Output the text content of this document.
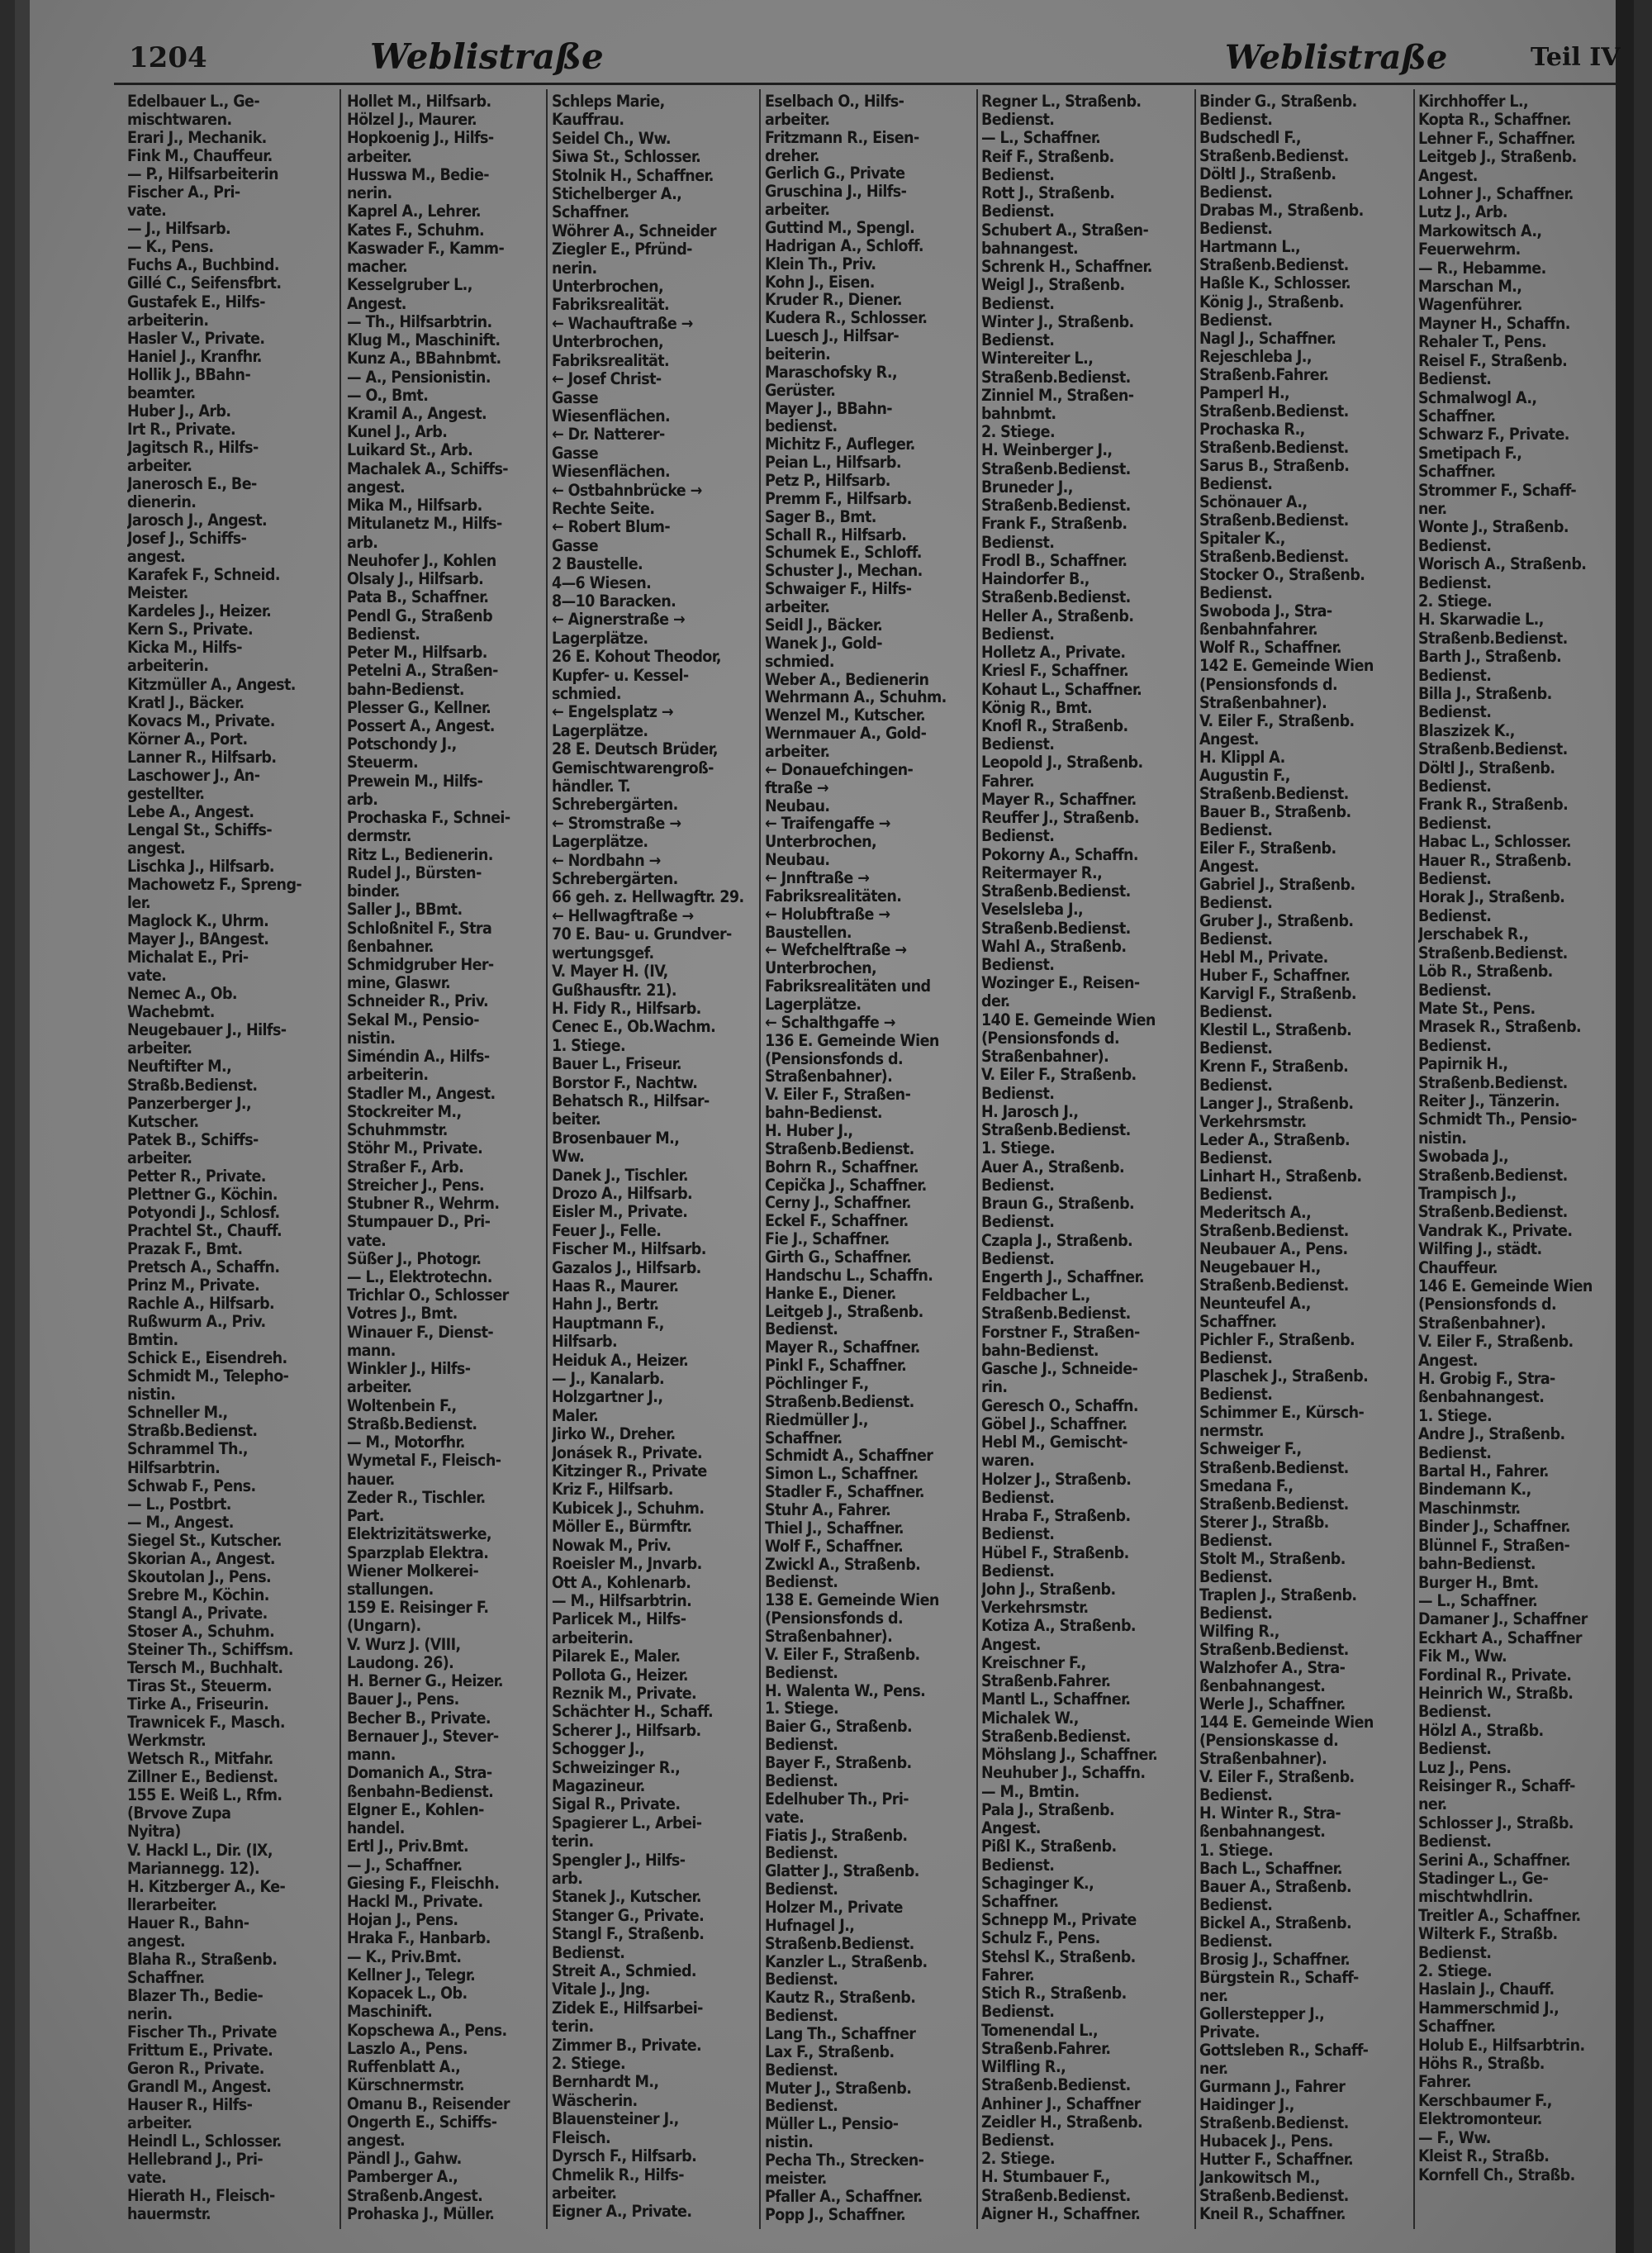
1204	Weblistraße	Weblistraße	Teil IV
Edelbauer L., Ge-
mischtwaren.
Erari J., Mechanik.
Fink M., Chauffeur.
— P., Hilfsarbeiterin
Fischer A., Pri-
vate.
— J., Hilfsarb.
— K., Pens.
Fuchs A., Buchbind.
Gillé C., Seifensfbrt.
Gustafek E., Hilfs-
arbeiterin.
Hasler V., Private.
Haniel J., Kranfhr.
Hollik J., BBahn-
beamter.
Huber J., Arb.
Irt R., Private.
Jagitsch R., Hilfs-
arbeiter.
Janerosch E., Be-
dienerin.
Jarosch J., Angest.
Josef J., Schiffs-
angest.
Karafek F., Schneid.
Meister.
Kardeles J., Heizer.
Kern S., Private.
Kicka M., Hilfs-
arbeiterin.
Kitzmüller A., Angest.
Kratl J., Bäcker.
Kovacs M., Private.
Körner A., Port.
Lanner R., Hilfsarb.
Laschower J., An-
gestellter.
Lebe A., Angest.
Lengal St., Schiffs-
angest.
Lischka J., Hilfsarb.
Machowetz F., Spreng-
ler.
Maglock K., Uhrm.
Mayer J., BAngest.
Michalat E., Pri-
vate.
Nemec A., Ob.
Wachebmt.
Neugebauer J., Hilfs-
arbeiter.
Neuftifter M.,
Straßb.Bedienst.
Panzerberger J.,
Kutscher.
Patek B., Schiffs-
arbeiter.
Petter R., Private.
Plettner G., Köchin.
Potyondi J., Schlosf.
Prachtel St., Chauff.
Prazak F., Bmt.
Pretsch A., Schaffn.
Prinz M., Private.
Rachle A., Hilfsarb.
Rußwurm A., Priv.
Bmtin.
Schick E., Eisendreh.
Schmidt M., Telepho-
nistin.
Schneller M.,
Straßb.Bedienst.
Schrammel Th.,
Hilfsarbtrin.
Schwab F., Pens.
— L., Postbrt.
— M., Angest.
Siegel St., Kutscher.
Skorian A., Angest.
Skoutolan J., Pens.
Srebre M., Köchin.
Stangl A., Private.
Stoser A., Schuhm.
Steiner Th., Schiffsm.
Tersch M., Buchhalt.
Tiras St., Steuerm.
Tirke A., Friseurin.
Trawnicek F., Masch.
Werkmstr.
Wetsch R., Mitfahr.
Zillner E., Bedienst.
155 E. Weiß L., Rfm.
(Brvove Zupa
Nyitra)
V. Hackl L., Dir. (IX,
Mariannegg. 12).
H. Kitzberger A., Ke-
llerarbeiter.
Hauer R., Bahn-
angest.
Blaha R., Straßenb.
Schaffner.
Blazer Th., Bedie-
nerin.
Fischer Th., Private
Frittum E., Private.
Geron R., Private.
Grandl M., Angest.
Hauser R., Hilfs-
arbeiter.
Heindl L., Schlosser.
Hellebrand J., Pri-
vate.
Hierath H., Fleisch-
hauermstr.
Hollet M., Hilfsarb.
Hölzel J., Maurer.
Hopkoenig J., Hilfs-
arbeiter.
Husswa M., Bedie-
nerin.
Kaprel A., Lehrer.
Kates F., Schuhm.
Kaswader F., Kamm-
macher.
Kesselgruber L.,
Angest.
— Th., Hilfsarbtrin.
Klug M., Maschinift.
Kunz A., BBahnbmt.
— A., Pensionistin.
— O., Bmt.
Kramil A., Angest.
Kunel J., Arb.
Luikard St., Arb.
Machalek A., Schiffs-
angest.
Mika M., Hilfsarb.
Mitulanetz M., Hilfs-
arb.
Neuhofer J., Kohlen
Olsaly J., Hilfsarb.
Pata B., Schaffner.
Pendl G., Straßenb
Bedienst.
Peter M., Hilfsarb.
Petelni A., Straßen-
bahn-Bedienst.
Plesser G., Kellner.
Possert A., Angest.
Potschondy J.,
Steuerm.
Prewein M., Hilfs-
arb.
Prochaska F., Schnei-
dermstr.
Ritz L., Bedienerin.
Rudel J., Bürsten-
binder.
Saller J., BBmt.
Schloßnitel F., Stra
ßenbahner.
Schmidgruber Her-
mine, Glaswr.
Schneider R., Priv.
Sekal M., Pensio-
nistin.
Siméndin A., Hilfs-
arbeiterin.
Stadler M., Angest.
Stockreiter M.,
Schuhmmstr.
Stöhr M., Private.
Straßer F., Arb.
Streicher J., Pens.
Stubner R., Wehrm.
Stumpauer D., Pri-
vate.
Süßer J., Photogr.
— L., Elektrotechn.
Trichlar O., Schlosser
Votres J., Bmt.
Winauer F., Dienst-
mann.
Winkler J., Hilfs-
arbeiter.
Woltenbein F.,
Straßb.Bedienst.
— M., Motorfhr.
Wymetal F., Fleisch-
hauer.
Zeder R., Tischler.
Part.
Elektrizitätswerke,
Sparzplab Elektra.
Wiener Molkerei-
stallungen.
159 E. Reisinger F.
(Ungarn).
V. Wurz J. (VIII,
Laudong. 26).
H. Berner G., Heizer.
Bauer J., Pens.
Becher B., Private.
Bernauer J., Stever-
mann.
Domanich A., Stra-
ßenbahn-Bedienst.
Elgner E., Kohlen-
handel.
Ertl J., Priv.Bmt.
— J., Schaffner.
Giesing F., Fleischh.
Hackl M., Private.
Hojan J., Pens.
Hraka F., Hanbarb.
— K., Priv.Bmt.
Kellner J., Telegr.
Kopacek L., Ob.
Maschinift.
Kopschewa A., Pens.
Laszlo A., Pens.
Ruffenblatt A.,
Kürschnermstr.
Omanu B., Reisender
Ongerth E., Schiffs-
angest.
Pändl J., Gahw.
Pamberger A.,
Straßenb.Angest.
Prohaska J., Müller.
Schleps Marie,
Kauffrau.
Seidel Ch., Ww.
Siwa St., Schlosser.
Stolnik H., Schaffner.
Stichelberger A.,
Schaffner.
Wöhrer A., Schneider
Ziegler E., Pfründ-
nerin.
Unterbrochen,
Fabriksrealität.
← Wachauftraße →
Unterbrochen,
Fabriksrealität.
← Josef Christ-
Gasse
Wiesenflächen.
← Dr. Natterer-
Gasse
Wiesenflächen.
← Ostbahnbrücke →
Rechte Seite.
← Robert Blum-
Gasse
2 Baustelle.
4—6 Wiesen.
8—10 Baracken.
← Aignerstraße →
Lagerplätze.
26 E. Kohout Theodor,
Kupfer- u. Kessel-
schmied.
← Engelsplatz →
Lagerplätze.
28 E. Deutsch Brüder,
Gemischtwarengroß-
händler. T.
Schrebergärten.
← Stromstraße →
Lagerplätze.
← Nordbahn →
Schrebergärten.
66 geh. z. Hellwagftr. 29.
← Hellwagftraße →
70 E. Bau- u. Grundver-
wertungsgef.
V. Mayer H. (IV,
Gußhausftr. 21).
H. Fidy R., Hilfsarb.
Cenec E., Ob.Wachm.
1. Stiege.
Bauer L., Friseur.
Borstor F., Nachtw.
Behatsch R., Hilfsar-
beiter.
Brosenbauer M.,
Ww.
Danek J., Tischler.
Drozo A., Hilfsarb.
Eisler M., Private.
Feuer J., Felle.
Fischer M., Hilfsarb.
Gazalos J., Hilfsarb.
Haas R., Maurer.
Hahn J., Bertr.
Hauptmann F.,
Hilfsarb.
Heiduk A., Heizer.
— J., Kanalarb.
Holzgartner J.,
Maler.
Jirko W., Dreher.
Jonásek R., Private.
Kitzinger R., Private
Kriz F., Hilfsarb.
Kubicek J., Schuhm.
Möller E., Bürmftr.
Nowak M., Priv.
Roeisler M., Jnvarb.
Ott A., Kohlenarb.
— M., Hilfsarbtrin.
Parlicek M., Hilfs-
arbeiterin.
Pilarek E., Maler.
Pollota G., Heizer.
Reznik M., Private.
Schächter H., Schaff.
Scherer J., Hilfsarb.
Schogger J.,
Schweizinger R.,
Magazineur.
Sigal R., Private.
Spagierer L., Arbei-
terin.
Spengler J., Hilfs-
arb.
Stanek J., Kutscher.
Stanger G., Private.
Stangl F., Straßenb.
Bedienst.
Streit A., Schmied.
Vitale J., Jng.
Zidek E., Hilfsarbei-
terin.
Zimmer B., Private.
2. Stiege.
Bernhardt M.,
Wäscherin.
Blauensteiner J.,
Fleisch.
Dyrsch F., Hilfsarb.
Chmelik R., Hilfs-
arbeiter.
Eigner A., Private.
Eselbach O., Hilfs-
arbeiter.
Fritzmann R., Eisen-
dreher.
Gerlich G., Private
Gruschina J., Hilfs-
arbeiter.
Guttind M., Spengl.
Hadrigan A., Schloff.
Klein Th., Priv.
Kohn J., Eisen.
Kruder R., Diener.
Kudera R., Schlosser.
Luesch J., Hilfsar-
beiterin.
Maraschofsky R.,
Gerüster.
Mayer J., BBahn-
bedienst.
Michitz F., Aufleger.
Peian L., Hilfsarb.
Petz P., Hilfsarb.
Premm F., Hilfsarb.
Sager B., Bmt.
Schall R., Hilfsarb.
Schumek E., Schloff.
Schuster J., Mechan.
Schwaiger F., Hilfs-
arbeiter.
Seidl J., Bäcker.
Wanek J., Gold-
schmied.
Weber A., Bedienerin
Wehrmann A., Schuhm.
Wenzel M., Kutscher.
Wernmauer A., Gold-
arbeiter.
← Donauefchingen-
ftraße →
Neubau.
← Traifengaffe →
Unterbrochen,
Neubau.
← Jnnftraße →
Fabriksrealitäten.
← Holubftraße →
Baustellen.
← Wefchelftraße →
Unterbrochen,
Fabriksrealitäten und
Lagerplätze.
← Schalthgaffe →
136 E. Gemeinde Wien
(Pensionsfonds d.
Straßenbahner).
V. Eiler F., Straßen-
bahn-Bedienst.
H. Huber J.,
Straßenb.Bedienst.
Bohrn R., Schaffner.
Cepička J., Schaffner.
Cerny J., Schaffner.
Eckel F., Schaffner.
Fie J., Schaffner.
Girth G., Schaffner.
Handschu L., Schaffn.
Hanke E., Diener.
Leitgeb J., Straßenb.
Bedienst.
Mayer R., Schaffner.
Pinkl F., Schaffner.
Pöchlinger F.,
Straßenb.Bedienst.
Riedmüller J.,
Schaffner.
Schmidt A., Schaffner
Simon L., Schaffner.
Stadler F., Schaffner.
Stuhr A., Fahrer.
Thiel J., Schaffner.
Wolf F., Schaffner.
Zwickl A., Straßenb.
Bedienst.
138 E. Gemeinde Wien
(Pensionsfonds d.
Straßenbahner).
V. Eiler F., Straßenb.
Bedienst.
H. Walenta W., Pens.
1. Stiege.
Baier G., Straßenb.
Bedienst.
Bayer F., Straßenb.
Bedienst.
Edelhuber Th., Pri-
vate.
Fiatis J., Straßenb.
Bedienst.
Glatter J., Straßenb.
Bedienst.
Holzer M., Private
Hufnagel J.,
Straßenb.Bedienst.
Kanzler L., Straßenb.
Bedienst.
Kautz R., Straßenb.
Bedienst.
Lang Th., Schaffner
Lax F., Straßenb.
Bedienst.
Muter J., Straßenb.
Bedienst.
Müller L., Pensio-
nistin.
Pecha Th., Strecken-
meister.
Pfaller A., Schaffner.
Popp J., Schaffner.
Regner L., Straßenb.
Bedienst.
— L., Schaffner.
Reif F., Straßenb.
Bedienst.
Rott J., Straßenb.
Bedienst.
Schubert A., Straßen-
bahnangest.
Schrenk H., Schaffner.
Weigl J., Straßenb.
Bedienst.
Winter J., Straßenb.
Bedienst.
Wintereiter L.,
Straßenb.Bedienst.
Zinniel M., Straßen-
bahnbmt.
2. Stiege.
H. Weinberger J.,
Straßenb.Bedienst.
Bruneder J.,
Straßenb.Bedienst.
Frank F., Straßenb.
Bedienst.
Frodl B., Schaffner.
Haindorfer B.,
Straßenb.Bedienst.
Heller A., Straßenb.
Bedienst.
Holletz A., Private.
Kriesl F., Schaffner.
Kohaut L., Schaffner.
König R., Bmt.
Knofl R., Straßenb.
Bedienst.
Leopold J., Straßenb.
Fahrer.
Mayer R., Schaffner.
Reuffer J., Straßenb.
Bedienst.
Pokorny A., Schaffn.
Reitermayer R.,
Straßenb.Bedienst.
Veselsleba J.,
Straßenb.Bedienst.
Wahl A., Straßenb.
Bedienst.
Wozinger E., Reisen-
der.
140 E. Gemeinde Wien
(Pensionsfonds d.
Straßenbahner).
V. Eiler F., Straßenb.
Bedienst.
H. Jarosch J.,
Straßenb.Bedienst.
1. Stiege.
Auer A., Straßenb.
Bedienst.
Braun G., Straßenb.
Bedienst.
Czapla J., Straßenb.
Bedienst.
Engerth J., Schaffner.
Feldbacher L.,
Straßenb.Bedienst.
Forstner F., Straßen-
bahn-Bedienst.
Gasche J., Schneide-
rin.
Geresch O., Schaffn.
Göbel J., Schaffner.
Hebl M., Gemischt-
waren.
Holzer J., Straßenb.
Bedienst.
Hraba F., Straßenb.
Bedienst.
Hübel F., Straßenb.
Bedienst.
John J., Straßenb.
Verkehrsmstr.
Kotiza A., Straßenb.
Angest.
Kreischner F.,
Straßenb.Fahrer.
Mantl L., Schaffner.
Michalek W.,
Straßenb.Bedienst.
Möhslang J., Schaffner.
Neuhuber J., Schaffn.
— M., Bmtin.
Pala J., Straßenb.
Angest.
Pißl K., Straßenb.
Bedienst.
Schaginger K.,
Schaffner.
Schnepp M., Private
Schulz F., Pens.
Stehsl K., Straßenb.
Fahrer.
Stich R., Straßenb.
Bedienst.
Tomenendal L.,
Straßenb.Fahrer.
Wilfling R.,
Straßenb.Bedienst.
Anhiner J., Schaffner
Zeidler H., Straßenb.
Bedienst.
2. Stiege.
H. Stumbauer F.,
Straßenb.Bedienst.
Aigner H., Schaffner.
Binder G., Straßenb.
Bedienst.
Budschedl F.,
Straßenb.Bedienst.
Döltl J., Straßenb.
Bedienst.
Drabas M., Straßenb.
Bedienst.
Hartmann L.,
Straßenb.Bedienst.
Haßle K., Schlosser.
König J., Straßenb.
Bedienst.
Nagl J., Schaffner.
Rejeschleba J.,
Straßenb.Fahrer.
Pamperl H.,
Straßenb.Bedienst.
Prochaska R.,
Straßenb.Bedienst.
Sarus B., Straßenb.
Bedienst.
Schönauer A.,
Straßenb.Bedienst.
Spitaler K.,
Straßenb.Bedienst.
Stocker O., Straßenb.
Bedienst.
Swoboda J., Stra-
ßenbahnfahrer.
Wolf R., Schaffner.
142 E. Gemeinde Wien
(Pensionsfonds d.
Straßenbahner).
V. Eiler F., Straßenb.
Angest.
H. Klippl A.
Augustin F.,
Straßenb.Bedienst.
Bauer B., Straßenb.
Bedienst.
Eiler F., Straßenb.
Angest.
Gabriel J., Straßenb.
Bedienst.
Gruber J., Straßenb.
Bedienst.
Hebl M., Private.
Huber F., Schaffner.
Karvigl F., Straßenb.
Bedienst.
Klestil L., Straßenb.
Bedienst.
Krenn F., Straßenb.
Bedienst.
Langer J., Straßenb.
Verkehrsmstr.
Leder A., Straßenb.
Bedienst.
Linhart H., Straßenb.
Bedienst.
Mederitsch A.,
Straßenb.Bedienst.
Neubauer A., Pens.
Neugebauer H.,
Straßenb.Bedienst.
Neunteufel A.,
Schaffner.
Pichler F., Straßenb.
Bedienst.
Plaschek J., Straßenb.
Bedienst.
Schimmer E., Kürsch-
nermstr.
Schweiger F.,
Straßenb.Bedienst.
Smedana F.,
Straßenb.Bedienst.
Sterer J., Straßb.
Bedienst.
Stolt M., Straßenb.
Bedienst.
Traplen J., Straßenb.
Bedienst.
Wilfing R.,
Straßenb.Bedienst.
Walzhofer A., Stra-
ßenbahnangest.
Werle J., Schaffner.
144 E. Gemeinde Wien
(Pensionskasse d.
Straßenbahner).
V. Eiler F., Straßenb.
Bedienst.
H. Winter R., Stra-
ßenbahnangest.
1. Stiege.
Bach L., Schaffner.
Bauer A., Straßenb.
Bedienst.
Bickel A., Straßenb.
Bedienst.
Brosig J., Schaffner.
Bürgstein R., Schaff-
ner.
Gollerstepper J.,
Private.
Gottsleben R., Schaff-
ner.
Gurmann J., Fahrer
Haidinger J.,
Straßenb.Bedienst.
Hubacek J., Pens.
Hutter F., Schaffner.
Jankowitsch M.,
Straßenb.Bedienst.
Kneil R., Schaffner.
Kirchhoffer L.,
Kopta R., Schaffner.
Lehner F., Schaffner.
Leitgeb J., Straßenb.
Angest.
Lohner J., Schaffner.
Lutz J., Arb.
Markowitsch A.,
Feuerwehrm.
— R., Hebamme.
Marschan M.,
Wagenführer.
Mayner H., Schaffn.
Rehaler T., Pens.
Reisel F., Straßenb.
Bedienst.
Schmalwogl A.,
Schaffner.
Schwarz F., Private.
Smetipach F.,
Schaffner.
Strommer F., Schaff-
ner.
Wonte J., Straßenb.
Bedienst.
Worisch A., Straßenb.
Bedienst.
2. Stiege.
H. Skarwadie L.,
Straßenb.Bedienst.
Barth J., Straßenb.
Bedienst.
Billa J., Straßenb.
Bedienst.
Blaszizek K.,
Straßenb.Bedienst.
Döltl J., Straßenb.
Bedienst.
Frank R., Straßenb.
Bedienst.
Habac L., Schlosser.
Hauer R., Straßenb.
Bedienst.
Horak J., Straßenb.
Bedienst.
Jerschabek R.,
Straßenb.Bedienst.
Löb R., Straßenb.
Bedienst.
Mate St., Pens.
Mrasek R., Straßenb.
Bedienst.
Papirnik H.,
Straßenb.Bedienst.
Reiter J., Tänzerin.
Schmidt Th., Pensio-
nistin.
Swobada J.,
Straßenb.Bedienst.
Trampisch J.,
Straßenb.Bedienst.
Vandrak K., Private.
Wilfing J., städt.
Chauffeur.
146 E. Gemeinde Wien
(Pensionsfonds d.
Straßenbahner).
V. Eiler F., Straßenb.
Angest.
H. Grobig F., Stra-
ßenbahnangest.
1. Stiege.
Andre J., Straßenb.
Bedienst.
Bartal H., Fahrer.
Bindemann K.,
Maschinmstr.
Binder J., Schaffner.
Blünnel F., Straßen-
bahn-Bedienst.
Burger H., Bmt.
— L., Schaffner.
Damaner J., Schaffner
Eckhart A., Schaffner
Fik M., Ww.
Fordinal R., Private.
Heinrich W., Straßb.
Bedienst.
Hölzl A., Straßb.
Bedienst.
Luz J., Pens.
Reisinger R., Schaff-
ner.
Schlosser J., Straßb.
Bedienst.
Serini A., Schaffner.
Stadinger L., Ge-
mischtwhdlrin.
Treitler A., Schaffner.
Wilterk F., Straßb.
Bedienst.
2. Stiege.
Haslain J., Chauff.
Hammerschmid J.,
Schaffner.
Holub E., Hilfsarbtrin.
Höhs R., Straßb.
Fahrer.
Kerschbaumer F.,
Elektromonteur.
— F., Ww.
Kleist R., Straßb.
Kornfell Ch., Straßb.
